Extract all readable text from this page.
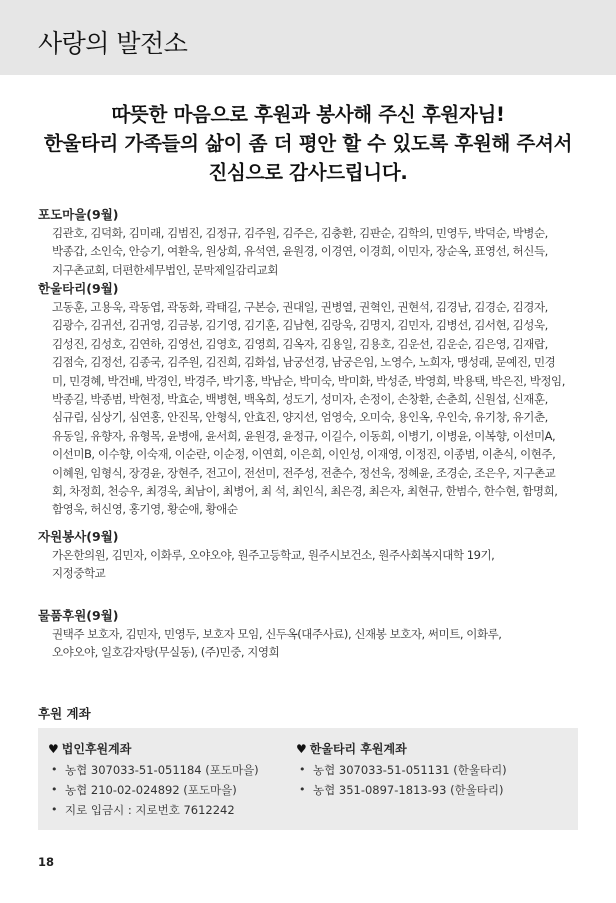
사랑의 발전소
따뜻한 마음으로 후원과 봉사해 주신 후원자님!
한울타리 가족들의 삶이 좀 더 평안 할 수 있도록 후원해 주셔서
진심으로 감사드립니다.
포도마을(9월)
김관호, 김덕화, 김미래, 김범진, 김정규, 김주원, 김주은, 김충환, 김판순, 김학의, 민영두, 박덕순, 박병순,
박종갑, 소인숙, 안승기, 여환욱, 원상희, 유석연, 윤원경, 이경연, 이경희, 이민자, 장순옥, 표영선, 허신득,
지구촌교회, 더편한세무법인, 문막제일감리교회
한울타리(9월)
고동훈, 고용욱, 곽동엽, 곽동화, 곽태길, 구본승, 권대일, 권병열, 권혁인, 권현석, 김경남, 김경순, 김경자,
김광수, 김귀선, 김귀영, 김금봉, 김기영, 김기훈, 김남현, 김랑욱, 김명지, 김민자, 김병선, 김서현, 김성욱,
김성진, 김성호, 김연하, 김영선, 김영호, 김영희, 김옥자, 김용일, 김용호, 김운선, 김운순, 김은영, 김재랍,
김점숙, 김정선, 김종국, 김주원, 김진희, 김화섭, 남궁선경, 남궁은임, 노영수, 노희자, 맹성래, 문예진, 민경
미, 민경혜, 박건배, 박경인, 박경주, 박기홍, 박남순, 박미숙, 박미화, 박성준, 박영희, 박용택, 박은진, 박정임,
박종길, 박종범, 박현정, 박효순, 백병현, 백옥희, 성도기, 성미자, 손정이, 손창환, 손춘희, 신원섭, 신재훈,
심규림, 심상기, 심연홍, 안진목, 안형식, 안효진, 양지선, 엄영숙, 오미숙, 용인옥, 우인숙, 유기창, 유기춘,
유동일, 유향자, 유형목, 윤병애, 윤서희, 윤원경, 윤정규, 이길수, 이동희, 이병기, 이병윤, 이복향, 이선미A,
이선미B, 이수향, 이숙재, 이순란, 이순정, 이연희, 이은희, 이인성, 이재영, 이정진, 이종범, 이춘식, 이현주,
이혜원, 임형식, 장경윤, 장현주, 전고이, 전선미, 전주성, 전춘수, 정선욱, 정혜윤, 조경순, 조은우, 지구촌교
회, 차정희, 천승우, 최경욱, 최남이, 최병어, 최 석, 최인식, 최은경, 최은자, 최현규, 한범수, 한수현, 함명희,
함영욱, 허신영, 홍기영, 황순애, 황애순
자원봉사(9월)
가온한의원, 김민자, 이화루, 오야오야, 원주고등학교, 원주시보건소, 원주사회복지대학 19기,
지정중학교
물품후원(9월)
권택주 보호자, 김민자, 민영두, 보호자 모임, 신두옥(대주사료), 신재봉 보호자, 써미트, 이화루,
오야오야, 일호감자탕(무실동), (주)민중, 지영희
후원 계좌
♥ 법인후원계좌
• 농협 307033-51-051184 (포도마을)
• 농협 210-02-024892 (포도마을)
• 지로 입금시 : 지로번호 7612242
♥ 한울타리 후원계좌
• 농협 307033-51-051131 (한울타리)
• 농협 351-0897-1813-93 (한울타리)
18
